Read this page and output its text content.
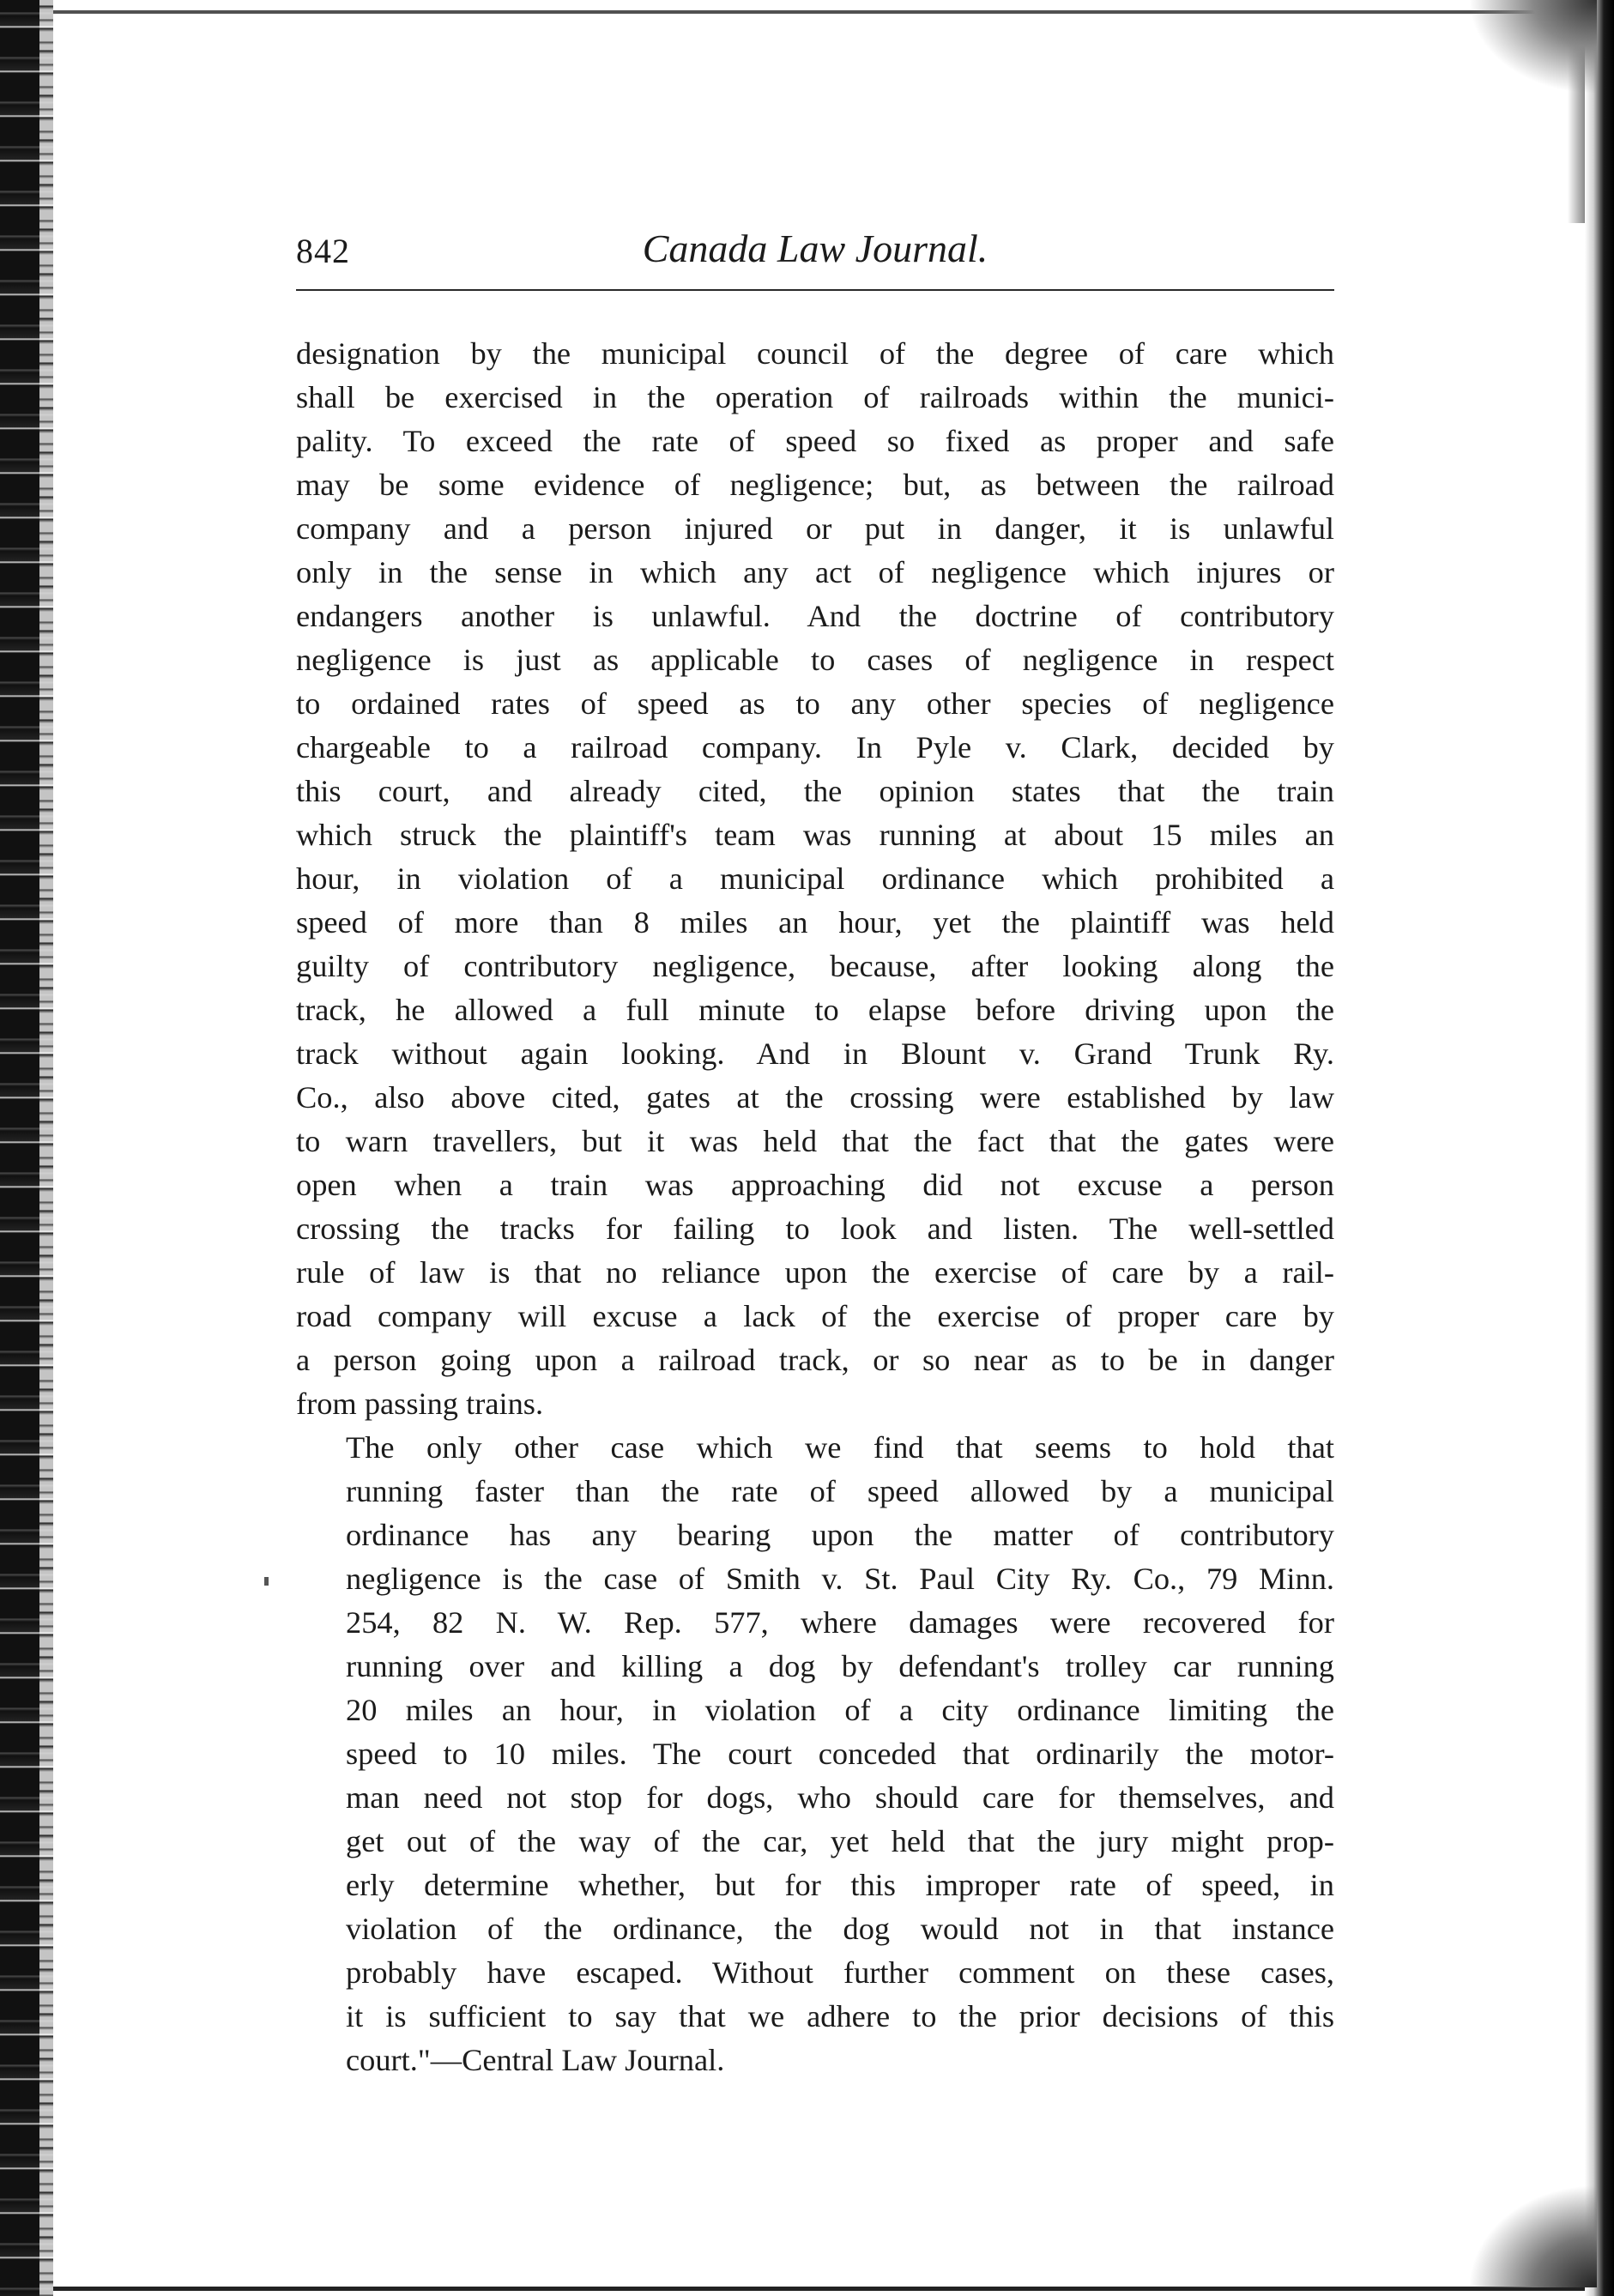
842	Canada Law Journal.

designation by the municipal council of the degree of care which
shall be exercised in the operation of railroads within the munici-
pality. To exceed the rate of speed so fixed as proper and safe
may be some evidence of negligence; but, as between the railroad
company and a person injured or put in danger, it is unlawful
only in the sense in which any act of negligence which injures or
endangers another is unlawful. And the doctrine of contributory
negligence is just as applicable to cases of negligence in respect
to ordained rates of speed as to any other species of negligence
chargeable to a railroad company. In Pyle v. Clark, decided by
this court, and already cited, the opinion states that the train
which struck the plaintiff's team was running at about 15 miles an
hour, in violation of a municipal ordinance which prohibited a
speed of more than 8 miles an hour, yet the plaintiff was held
guilty of contributory negligence, because, after looking along the
track, he allowed a full minute to elapse before driving upon the
track without again looking. And in Blount v. Grand Trunk Ry.
Co., also above cited, gates at the crossing were established by law
to warn travellers, but it was held that the fact that the gates were
open when a train was approaching did not excuse a person
crossing the tracks for failing to look and listen. The well-settled
rule of law is that no reliance upon the exercise of care by a rail-
road company will excuse a lack of the exercise of proper care by
a person going upon a railroad track, or so near as to be in danger
from passing trains.

The only other case which we find that seems to hold that
running faster than the rate of speed allowed by a municipal
ordinance has any bearing upon the matter of contributory
negligence is the case of Smith v. St. Paul City Ry. Co., 79 Minn.
254, 82 N. W. Rep. 577, where damages were recovered for
running over and killing a dog by defendant's trolley car running
20 miles an hour, in violation of a city ordinance limiting the
speed to 10 miles. The court conceded that ordinarily the motor-
man need not stop for dogs, who should care for themselves, and
get out of the way of the car, yet held that the jury might prop-
erly determine whether, but for this improper rate of speed, in
violation of the ordinance, the dog would not in that instance
probably have escaped. Without further comment on these cases,
it is sufficient to say that we adhere to the prior decisions of this
court."—Central Law Journal.
